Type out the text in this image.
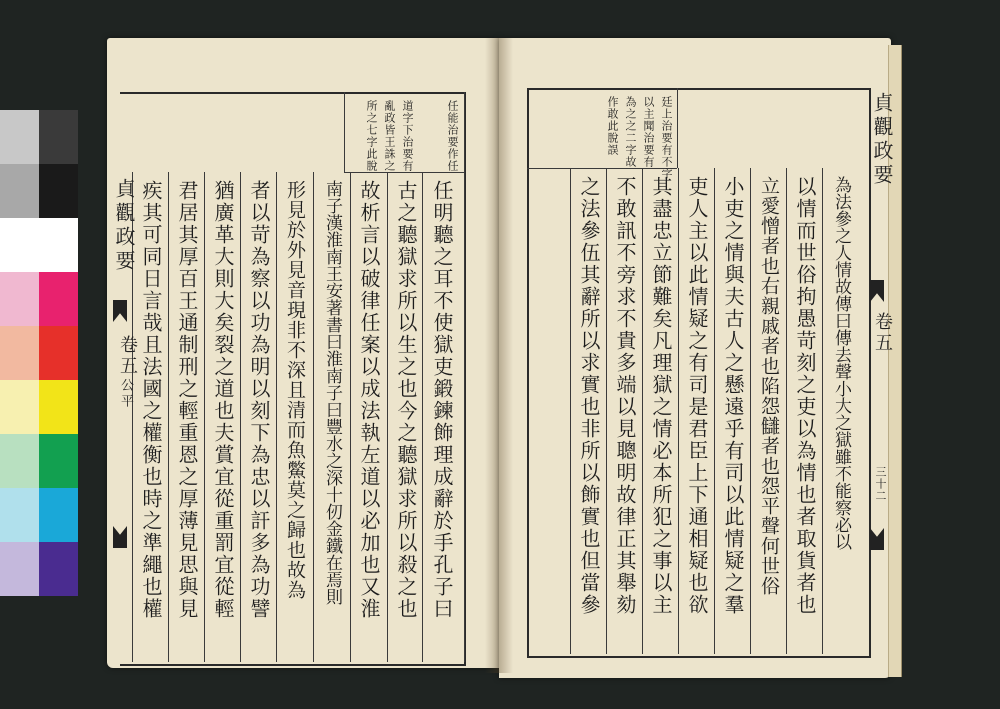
任能治要作任
道字下治要有
亂政皆王誅之
所之七字此脫
任明聽之耳不使獄吏鍛鍊飾理成辭於手孔子曰
古之聽獄求所以生之也今之聽獄求所以殺之也
故析言以破律任案以成法執左道以必加也又淮
南子漢淮南王安著書曰淮南子曰豐水之深十仞金鐵在焉則
形見於外見音現非不深且清而魚鱉莫之歸也故為
者以苛為察以功為明以刻下為忠以訐多為功譬
猶廣革大則大矣裂之道也夫賞宜從重罰宜從輕
君居其厚百王通制刑之輕重恩之厚薄見思與見
疾其可同日言哉且法國之權衡也時之準繩也權
貞觀政要
卷五
公平
廷上治要有不字
以主聞治要有
為之之二字故
作敢此脫誤
為法參之人情故傳曰傳去聲小大之獄雖不能察必以
以情而世俗拘愚苛刻之吏以為情也者取貨者也
立愛憎者也右親戚者也陷怨讎者也怨平聲何世俗
小吏之情與夫古人之懸遠乎有司以此情疑之羣
吏人主以此情疑之有司是君臣上下通相疑也欲
其盡忠立節難矣凡理獄之情必本所犯之事以主
不敢訊不旁求不貴多端以見聰明故律正其舉劾
之法參伍其辭所以求實也非所以飾實也但當參
貞觀政要
卷五
三十二
